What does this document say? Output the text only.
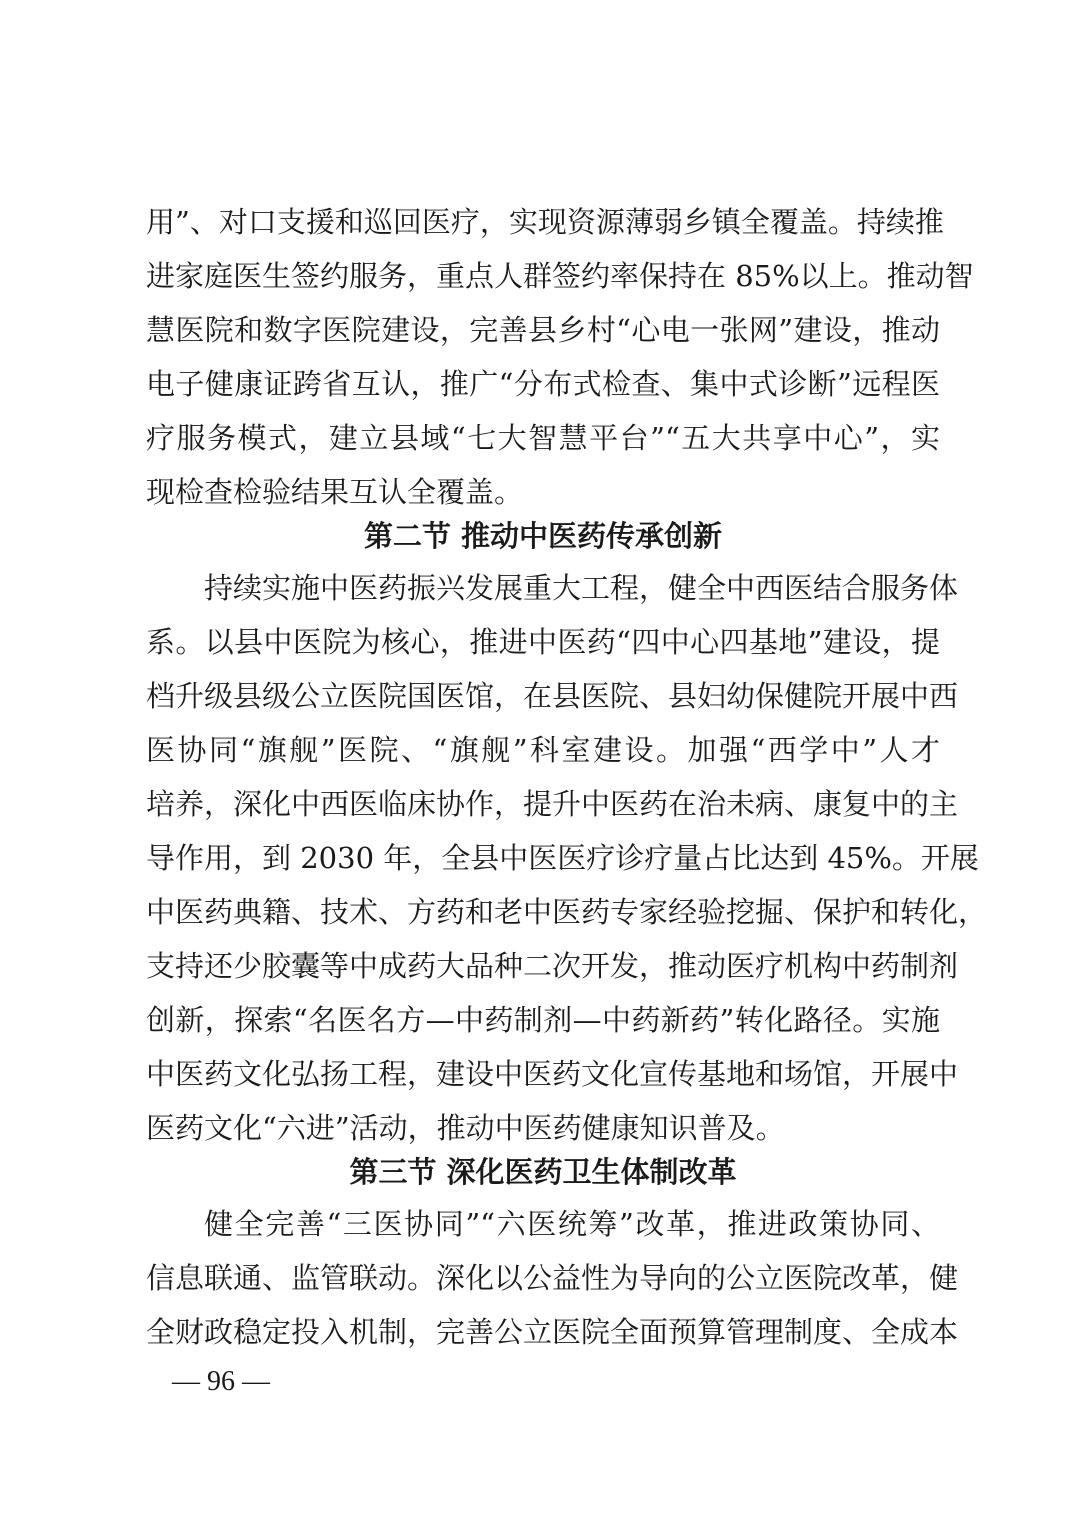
用”、对口支援和巡回医疗，实现资源薄弱乡镇全覆盖。持续推
进家庭医生签约服务，重点人群签约率保持在 85%以上。推动智
慧医院和数字医院建设，完善县乡村“心电一张网”建设，推动
电子健康证跨省互认，推广“分布式检查、集中式诊断”远程医
疗服务模式，建立县域“七大智慧平台”“五大共享中心”，实
现检查检验结果互认全覆盖。
第二节 推动中医药传承创新
持续实施中医药振兴发展重大工程，健全中西医结合服务体
系。以县中医院为核心，推进中医药“四中心四基地”建设，提
档升级县级公立医院国医馆，在县医院、县妇幼保健院开展中西
医协同“旗舰”医院、“旗舰”科室建设。加强“西学中”人才
培养，深化中西医临床协作，提升中医药在治未病、康复中的主
导作用，到 2030 年，全县中医医疗诊疗量占比达到 45%。开展
中医药典籍、技术、方药和老中医药专家经验挖掘、保护和转化，
支持还少胶囊等中成药大品种二次开发，推动医疗机构中药制剂
创新，探索“名医名方—中药制剂—中药新药”转化路径。实施
中医药文化弘扬工程，建设中医药文化宣传基地和场馆，开展中
医药文化“六进”活动，推动中医药健康知识普及。
第三节 深化医药卫生体制改革
健全完善“三医协同”“六医统筹”改革，推进政策协同、
信息联通、监管联动。深化以公益性为导向的公立医院改革，健
全财政稳定投入机制，完善公立医院全面预算管理制度、全成本
— 96 —
